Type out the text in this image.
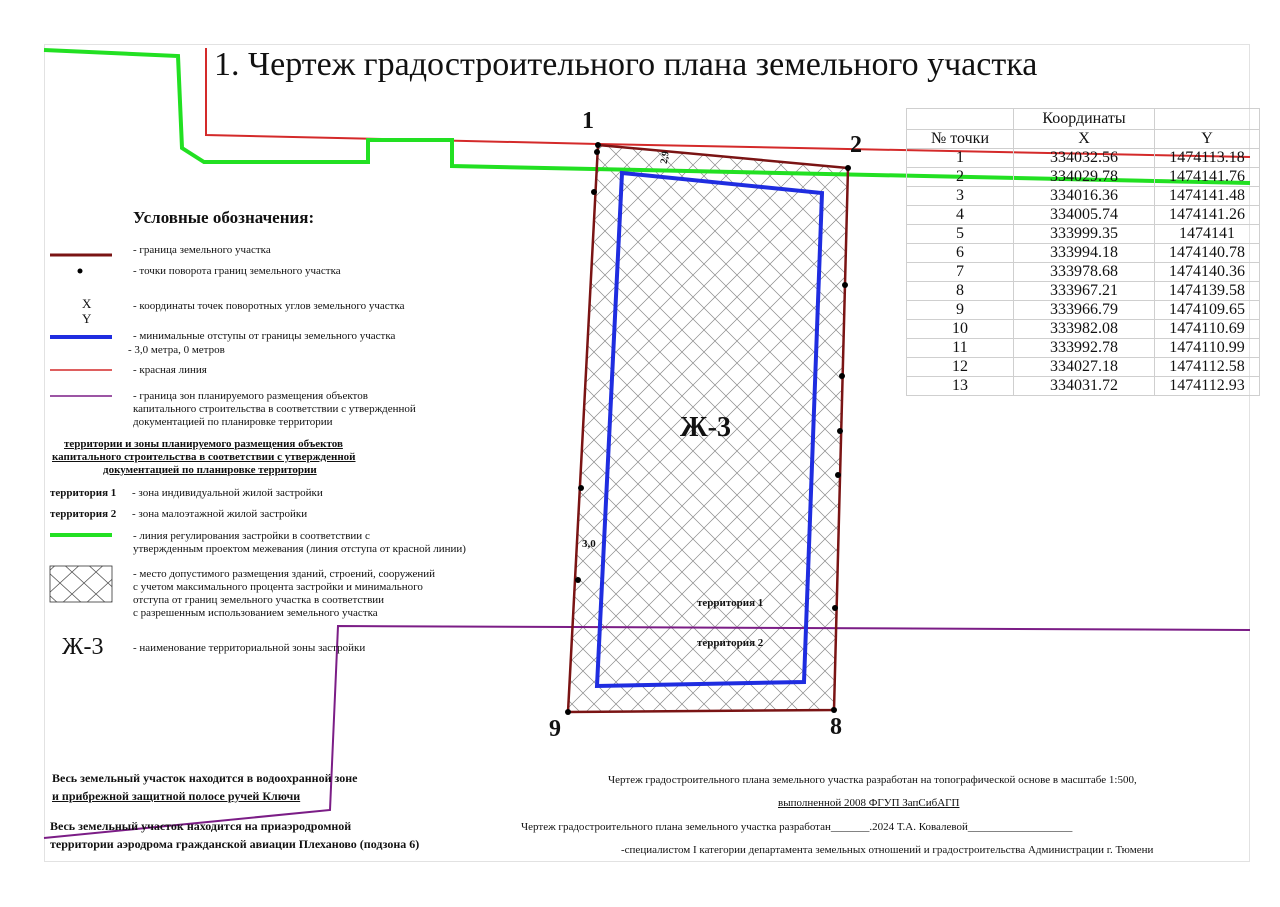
1. Чертеж градостроительного плана земельного участка
1
2
9	8
2,9
3,0
Ж-3
территория 1
территория 2
	Координаты	
№ точки	X	Y
1	334032.56	1474113.18
2	334029.78	1474141.76
3	334016.36	1474141.48
4	334005.74	1474141.26
5	333999.35	1474141
6	333994.18	1474140.78
7	333978.68	1474140.36
8	333967.21	1474139.58
9	333966.79	1474109.65
10	333982.08	1474110.69
11	333992.78	1474110.99
12	334027.18	1474112.58
13	334031.72	1474112.93
Условные обозначения:
- граница земельного участка
- точки поворота границ земельного участка
X
Y
- координаты точек поворотных углов земельного участка
- минимальные отступы от границы земельного участка
- 3,0 метра, 0 метров
- красная линия
- граница зон планируемого размещения объектов
капитального строительства в соответствии с утвержденной
документацией по планировке территории
территории и зоны планируемого размещения объектов
капитального строительства в соответствии с утвержденной
документацией по планировке территории
территория 1 - зона индивидуальной жилой застройки
территория 2 - зона малоэтажной жилой застройки
- линия регулирования застройки в соответствии с
утвержденным проектом межевания (линия отступа от красной линии)
- место допустимого размещения зданий, строений, сооружений
с учетом максимального процента застройки и минимального
отступа от границ земельного участка в соответствии
с разрешенным использованием земельного участка
Ж-3	- наименование территориальной зоны застройки
Весь земельный участок находится в водоохранной зоне
и прибрежной защитной полосе ручей Ключи
Весь земельный участок находится на приаэродромной
территории аэродрома гражданской авиации Плеханово (подзона 6)
Чертеж градостроительного плана земельного участка разработан на топографической основе в масштабе 1:500,
выполненной 2008 ФГУП ЗапСибАГП
Чертеж градостроительного плана земельного участка разработан_______.2024 Т.А. Ковалевой___________________
-специалистом I категории департамента земельных отношений и градостроительства Администрации г. Тюмени
